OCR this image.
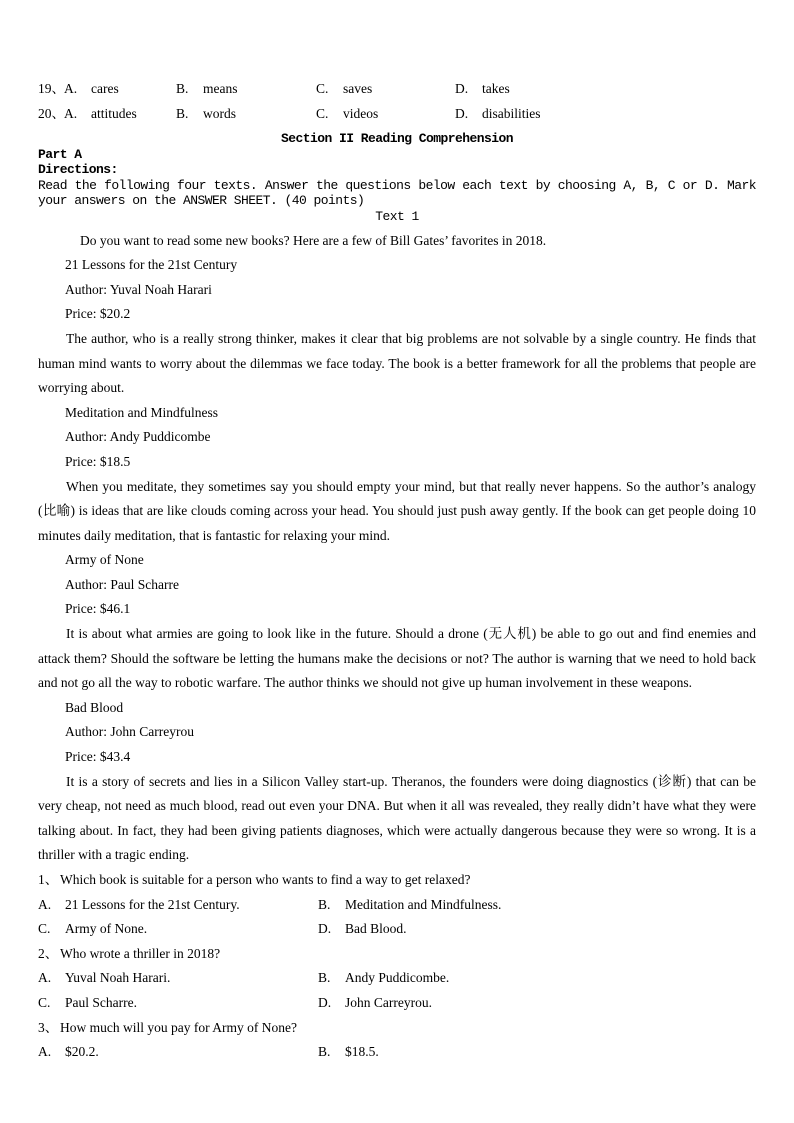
19、 A. cares	B. means	C. saves	D. takes
20、 A. attitudes	B. words	C. videos	D. disabilities
Section II Reading Comprehension
Part A
Directions:
Read the following four texts. Answer the questions below each text by choosing A, B, C or D. Mark your answers on the ANSWER SHEET. (40 points)
Text 1

Do you want to read some new books? Here are a few of Bill Gates’ favorites in 2018.

21 Lessons for the 21st Century

Author: Yuval Noah Harari

Price: $20.2

The author, who is a really strong thinker, makes it clear that big problems are not solvable by a single country. He finds that human mind wants to worry about the dilemmas we face today. The book is a better framework for all the problems that people are worrying about.

Meditation and Mindfulness

Author: Andy Puddicombe

Price: $18.5

When you meditate, they sometimes say you should empty your mind, but that really never happens. So the author’s analogy (比喻) is ideas that are like clouds coming across your head. You should just push away gently. If the book can get people doing 10 minutes daily meditation, that is fantastic for relaxing your mind.

Army of None

Author: Paul Scharre

Price: $46.1

It is about what armies are going to look like in the future. Should a drone (无人机) be able to go out and find enemies and attack them? Should the software be letting the humans make the decisions or not? The author is warning that we need to hold back and not go all the way to robotic warfare. The author thinks we should not give up human involvement in these weapons.

Bad Blood

Author: John Carreyrou

Price: $43.4

It is a story of secrets and lies in a Silicon Valley start-up. Theranos, the founders were doing diagnostics (诊断) that can be very cheap, not need as much blood, read out even your DNA. But when it all was revealed, they really didn’t have what they were talking about. In fact, they had been giving patients diagnoses, which were actually dangerous because they were so wrong. It is a thriller with a tragic ending.

1、 Which book is suitable for a person who wants to find a way to get relaxed?

A. 21 Lessons for the 21st Century.	B. Meditation and Mindfulness.
C. Army of None.	D. Bad Blood.

2、 Who wrote a thriller in 2018?

A. Yuval Noah Harari.	B. Andy Puddicombe.
C. Paul Scharre.	D. John Carreyrou.

3、 How much will you pay for Army of None?

A. $20.2.	B. $18.5.
